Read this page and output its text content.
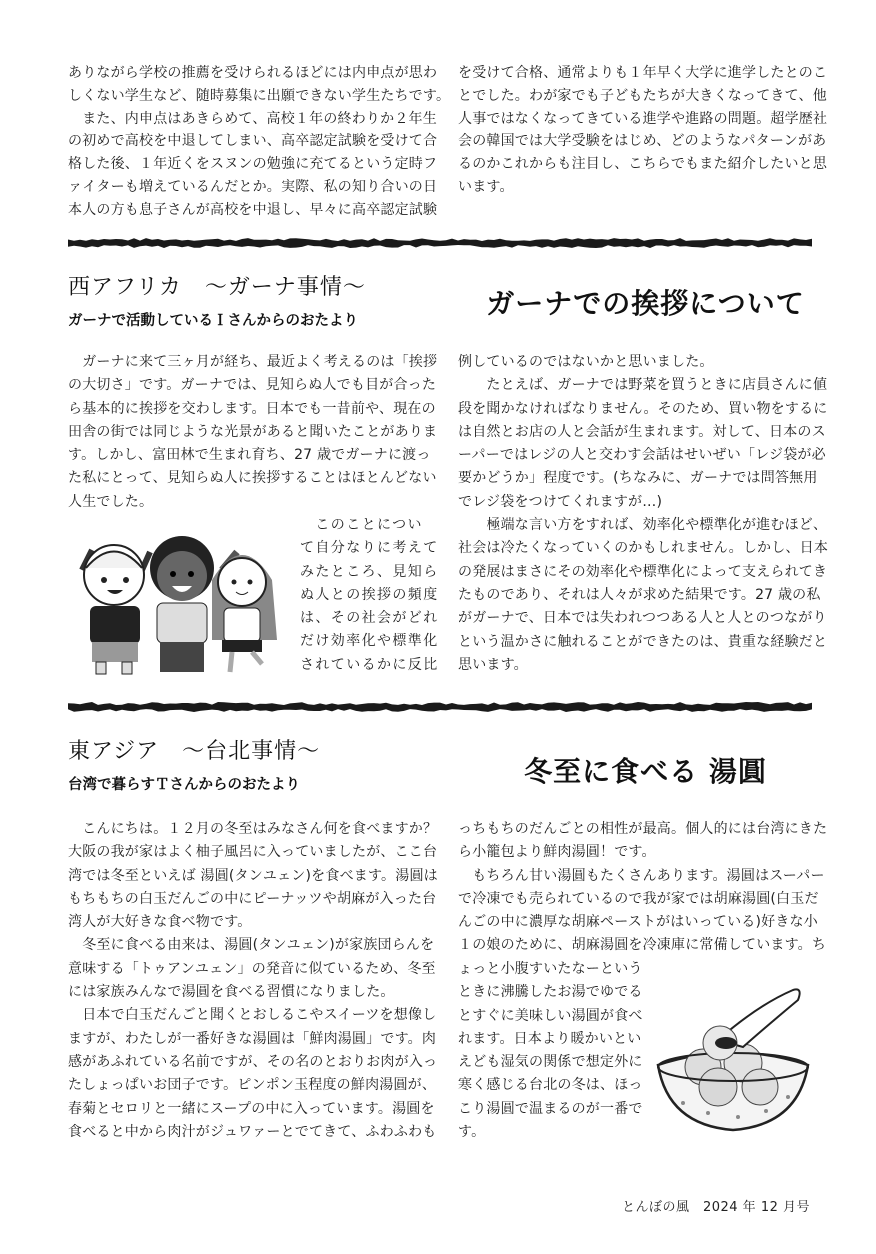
ありながら学校の推薦を受けられるほどには内申点が思わ
しくない学生など、随時募集に出願できない学生たちです。
　また、内申点はあきらめて、高校１年の終わりか２年生
の初めで高校を中退してしまい、高卒認定試験を受けて合
格した後、１年近くをスヌンの勉強に充てるという定時フ
ァイターも増えているんだとか。実際、私の知り合いの日
本人の方も息子さんが高校を中退し、早々に高卒認定試験
を受けて合格、通常よりも１年早く大学に進学したとのこ
とでした。わが家でも子どもたちが大きくなってきて、他
人事ではなくなってきている進学や進路の問題。超学歴社
会の韓国では大学受験をはじめ、どのようなパターンがあ
るのかこれからも注目し、こちらでもまた紹介したいと思
います。
西アフリカ　～ガーナ事情～
ガーナで活動しているＩさんからのおたより
ガーナでの挨拶について
　ガーナに来て三ヶ月が経ち、最近よく考えるのは「挨拶
の大切さ」です。ガーナでは、見知らぬ人でも目が合った
ら基本的に挨拶を交わします。日本でも一昔前や、現在の
田舎の街では同じような光景があると聞いたことがありま
す。しかし、富田林で生まれ育ち、27 歳でガーナに渡っ
た私にとって、見知らぬ人に挨拶することはほとんどない
人生でした。
　このことについ
て自分なりに考えて
みたところ、見知ら
ぬ人との挨拶の頻度
は、その社会がどれ
だけ効率化や標準化
されているかに反比
例しているのではないかと思いました。
　　たとえば、ガーナでは野菜を買うときに店員さんに値
段を聞かなければなりません。そのため、買い物をするに
は自然とお店の人と会話が生まれます。対して、日本のス
ーパーではレジの人と交わす会話はせいぜい「レジ袋が必
要かどうか」程度です。(ちなみに、ガーナでは問答無用
でレジ袋をつけてくれますが…)
　　極端な言い方をすれば、効率化や標準化が進むほど、
社会は冷たくなっていくのかもしれません。しかし、日本
の発展はまさにその効率化や標準化によって支えられてき
たものであり、それは人々が求めた結果です。27 歳の私
がガーナで、日本では失われつつある人と人とのつながり
という温かさに触れることができたのは、貴重な経験だと
思います。
東アジア　～台北事情～
台湾で暮らすＴさんからのおたより	冬至に食べる 湯圓
　こんにちは。１２月の冬至はみなさん何を食べますか？
大阪の我が家はよく柚子風呂に入っていましたが、ここ台
湾では冬至といえば 湯圓(タンユェン)を食べます。湯圓は
もちもちの白玉だんごの中にピーナッツや胡麻が入った台
湾人が大好きな食べ物です。
　冬至に食べる由来は、湯圓(タンユェン)が家族団らんを
意味する「トゥアンユェン」の発音に似ているため、冬至
には家族みんなで湯圓を食べる習慣になりました。
　日本で白玉だんごと聞くとおしるこやスイーツを想像し
ますが、わたしが一番好きな湯圓は「鮮肉湯圓」です。肉
感があふれている名前ですが、その名のとおりお肉が入っ
たしょっぱいお団子です。ピンポン玉程度の鮮肉湯圓が、
春菊とセロリと一緒にスープの中に入っています。湯圓を
食べると中から肉汁がジュワァーとでてきて、ふわふわも
っちもちのだんごとの相性が最高。個人的には台湾にきた
ら小籠包より鮮肉湯圓！です。
　もちろん甘い湯圓もたくさんあります。湯圓はスーパー
で冷凍でも売られているので我が家では胡麻湯圓(白玉だ
んごの中に濃厚な胡麻ペーストがはいっている)好きな小
１の娘のために、胡麻湯圓を冷凍庫に常備しています。ち
ょっと小腹すいたなーという
ときに沸騰したお湯でゆでる
とすぐに美味しい湯圓が食べ
れます。日本より暖かいとい
えども湿気の関係で想定外に
寒く感じる台北の冬は、ほっ
こり湯圓で温まるのが一番で
す。
とんぼの風　2024 年 12 月号
